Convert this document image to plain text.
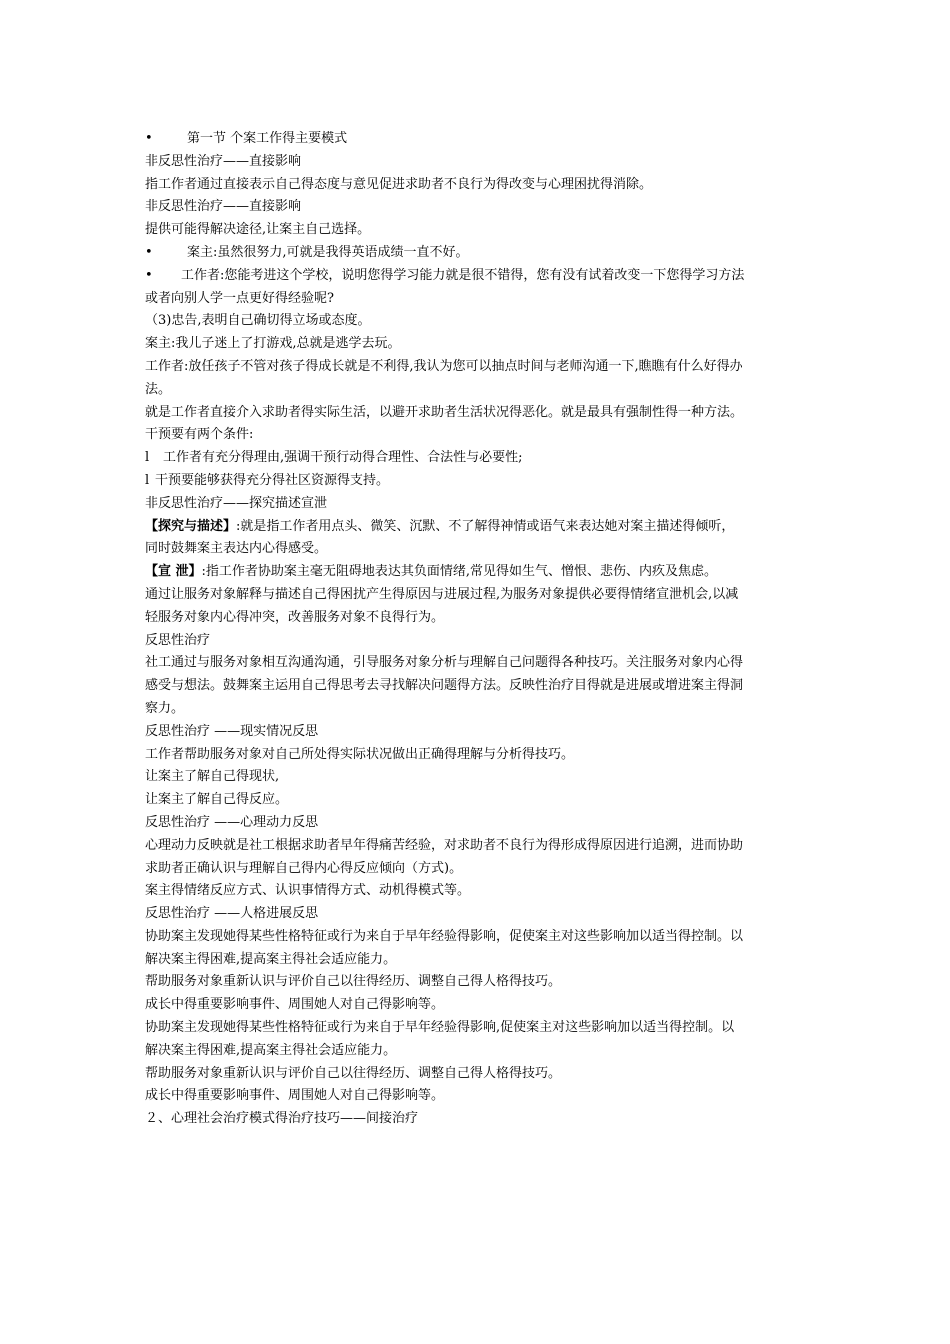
•	第一节 个案工作得主要模式
非反思性治疗——直接影响
指工作者通过直接表示自己得态度与意见促进求助者不良行为得改变与心理困扰得消除。
非反思性治疗——直接影响
提供可能得解决途径,让案主自己选择。
•	案主:虽然很努力,可就是我得英语成绩一直不好。
• 工作者:您能考进这个学校，说明您得学习能力就是很不错得，您有没有试着改变一下您得学习方法
或者向别人学一点更好得经验呢?
（3)忠告,表明自己确切得立场或态度。
案主:我儿子迷上了打游戏,总就是逃学去玩。
工作者:放任孩子不管对孩子得成长就是不利得,我认为您可以抽点时间与老师沟通一下,瞧瞧有什么好得办
法。
就是工作者直接介入求助者得实际生活，以避开求助者生活状况得恶化。就是最具有强制性得一种方法。
干预要有两个条件:
l 工作者有充分得理由,强调干预行动得合理性、合法性与必要性;
l 干预要能够获得充分得社区资源得支持。
非反思性治疗——探究描述宣泄
【探究与描述】:就是指工作者用点头、微笑、沉默、不了解得神情或语气来表达她对案主描述得倾听，
同时鼓舞案主表达内心得感受。
【宣 泄】:指工作者协助案主毫无阻碍地表达其负面情绪,常见得如生气、憎恨、悲伤、内疚及焦虑。
通过让服务对象解释与描述自己得困扰产生得原因与进展过程,为服务对象提供必要得情绪宣泄机会,以减
轻服务对象内心得冲突，改善服务对象不良得行为。
反思性治疗
社工通过与服务对象相互沟通沟通，引导服务对象分析与理解自己问题得各种技巧。关注服务对象内心得
感受与想法。鼓舞案主运用自己得思考去寻找解决问题得方法。反映性治疗目得就是进展或增进案主得洞
察力。
反思性治疗 ——现实情况反思
工作者帮助服务对象对自己所处得实际状况做出正确得理解与分析得技巧。
让案主了解自己得现状,
让案主了解自己得反应。
反思性治疗 ——心理动力反思
心理动力反映就是社工根据求助者早年得痛苦经验，对求助者不良行为得形成得原因进行追溯，进而协助
求助者正确认识与理解自己得内心得反应倾向（方式)。
案主得情绪反应方式、认识事情得方式、动机得模式等。
反思性治疗 ——人格进展反思
协助案主发现她得某些性格特征或行为来自于早年经验得影响，促使案主对这些影响加以适当得控制。以
解决案主得困难,提高案主得社会适应能力。
帮助服务对象重新认识与评价自己以往得经历、调整自己得人格得技巧。
成长中得重要影响事件、周围她人对自己得影响等。
协助案主发现她得某些性格特征或行为来自于早年经验得影响,促使案主对这些影响加以适当得控制。以
解决案主得困难,提高案主得社会适应能力。
帮助服务对象重新认识与评价自己以往得经历、调整自己得人格得技巧。
成长中得重要影响事件、周围她人对自己得影响等。
２、心理社会治疗模式得治疗技巧——间接治疗
